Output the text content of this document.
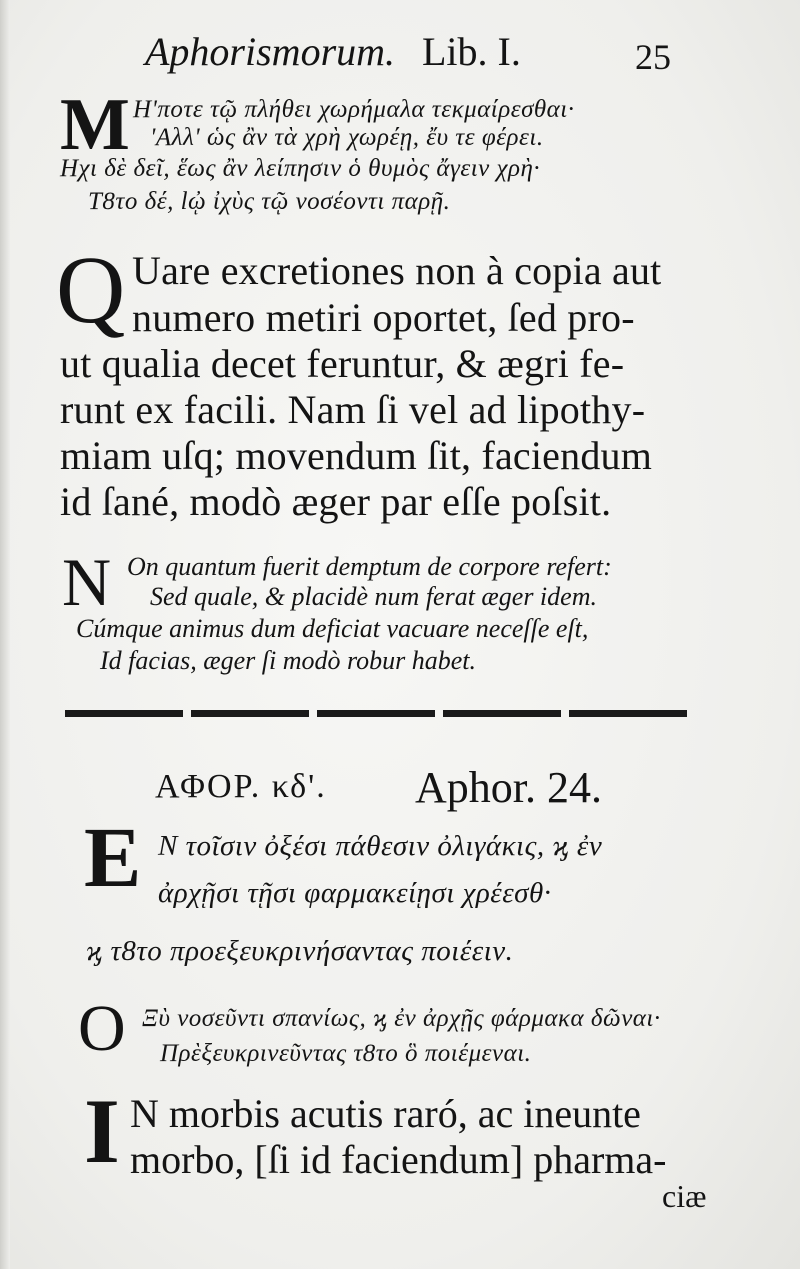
Aphorismorum. Lib. I.	25
M Η'ποτε τῷ πλήθει χωρήμαλα τεκμαίρεσθαι·
'Αλλ' ὡς ἂν τὰ χρὴ χωρέῃ, ἔυ τε φέρει.
Ηχι δὲ δεῖ, ἕως ἂν λείπησιν ὁ θυμὸς ἄγειν χρὴ·
Τ8το δέ, lᾠ ἰχὺς τῷ νοσέοντι παρῇ.
Q Uare excretiones non à copia aut
numero metiri oportet, ſed pro-
ut qualia decet feruntur, & ægri fe-
runt ex facili. Nam ſi vel ad lipothy-
miam uſq; movendum ſit, faciendum
id ſané, modò æger par eſſe poſsit.
N On quantum fuerit demptum de corpore refert:
Sed quale, & placidè num ferat æger idem.
Cúmque animus dum deficiat vacuare neceſſe eſt,
Id facias, æger ſi modò robur habet.
ΑΦΟΡ. κδ'. Aphor. 24.
E Ν τοῖσιν ὀξέσι πάθεσιν ὀλιγάκις, ϗ ἐν
ἀρχῇσι τῇσι φαρμακείῃσι χρέεσθ·
ϗ τ8το προεξευκρινήσαντας ποιέειν.
O Ξὺ νοσεῦντι σπανίως, ϗ ἐν ἀρχῇς φάρμακα δῶναι·
Πρὲξευκρινεῦντας τ8το ὃ ποιέμεναι.
I N morbis acutis raró, ac ineunte
morbo, [ſi id faciendum] pharma-
ciæ
